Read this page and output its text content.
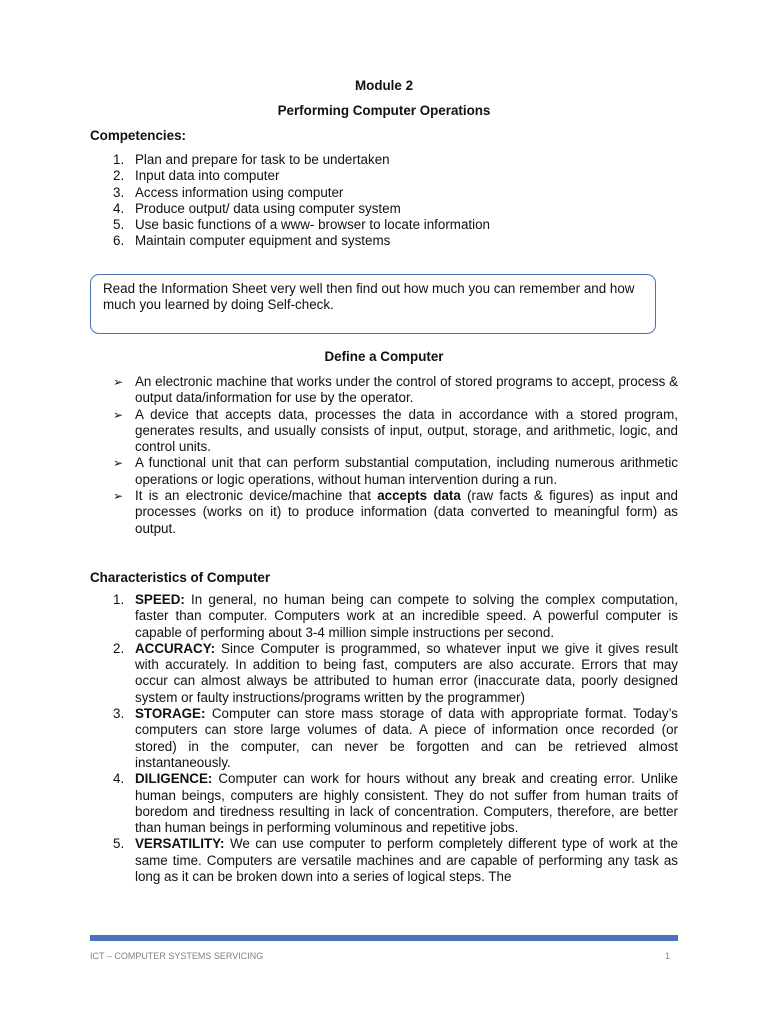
Module 2
Performing Computer Operations
Competencies:
1. Plan and prepare for task to be undertaken
2. Input data into computer
3. Access information using computer
4. Produce output/ data using computer system
5. Use basic functions of a www- browser to locate information
6. Maintain computer equipment and systems
Read the Information Sheet very well then find out how much you can remember and how much you learned by doing Self-check.
Define a Computer
➢ An electronic machine that works under the control of stored programs to accept, process & output data/information for use by the operator.
➢ A device that accepts data, processes the data in accordance with a stored program, generates results, and usually consists of input, output, storage, and arithmetic, logic, and control units.
➢ A functional unit that can perform substantial computation, including numerous arithmetic operations or logic operations, without human intervention during a run.
➢ It is an electronic device/machine that accepts data (raw facts & figures) as input and processes (works on it) to produce information (data converted to meaningful form) as output.
Characteristics of Computer
1. SPEED: In general, no human being can compete to solving the complex computation, faster than computer. Computers work at an incredible speed. A powerful computer is capable of performing about 3-4 million simple instructions per second.
2. ACCURACY: Since Computer is programmed, so whatever input we give it gives result with accurately. In addition to being fast, computers are also accurate. Errors that may occur can almost always be attributed to human error (inaccurate data, poorly designed system or faulty instructions/programs written by the programmer)
3. STORAGE: Computer can store mass storage of data with appropriate format. Today’s computers can store large volumes of data. A piece of information once recorded (or stored) in the computer, can never be forgotten and can be retrieved almost instantaneously.
4. DILIGENCE: Computer can work for hours without any break and creating error. Unlike human beings, computers are highly consistent. They do not suffer from human traits of boredom and tiredness resulting in lack of concentration. Computers, therefore, are better than human beings in performing voluminous and repetitive jobs.
5. VERSATILITY: We can use computer to perform completely different type of work at the same time. Computers are versatile machines and are capable of performing any task as long as it can be broken down into a series of logical steps. The
ICT – COMPUTER SYSTEMS SERVICING	1
